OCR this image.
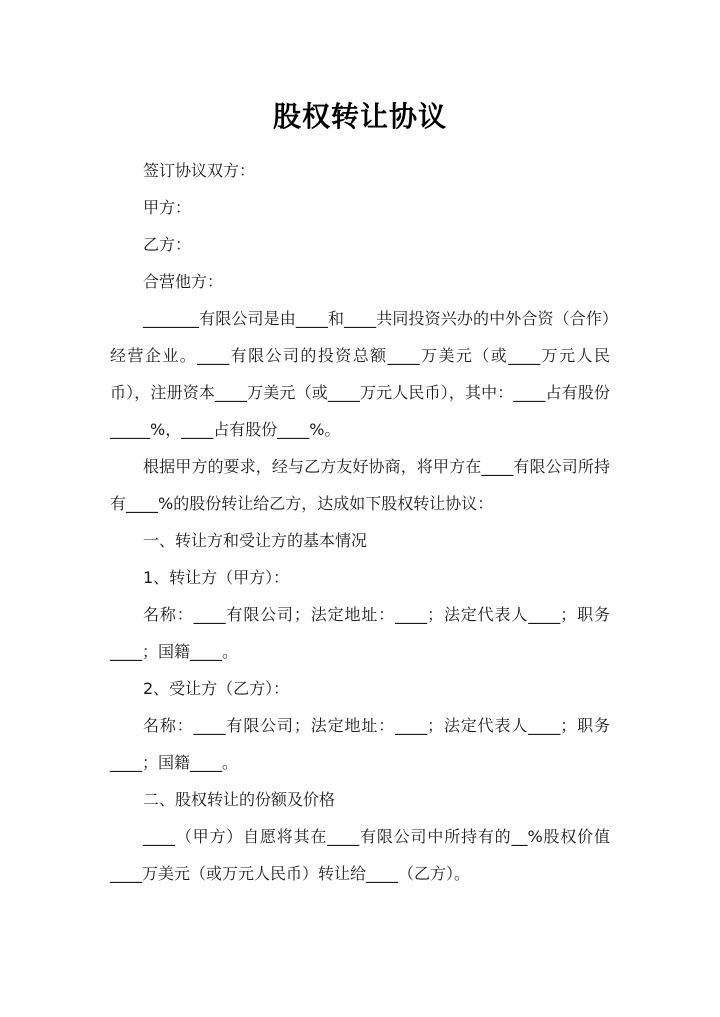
股权转让协议

签订协议双方：

甲方：

乙方：

合营他方：

_______有限公司是由____和____共同投资兴办的中外合资（合作）经营企业。____有限公司的投资总额____万美元（或____万元人民币），注册资本____万美元（或____万元人民币），其中：____占有股份_____%，____占有股份____%。

根据甲方的要求，经与乙方友好协商，将甲方在____有限公司所持有____%的股份转让给乙方，达成如下股权转让协议：

一、转让方和受让方的基本情况

1、转让方（甲方）：

名称：____有限公司；法定地址：____；法定代表人____；职务____；国籍____。

2、受让方（乙方）：

名称：____有限公司；法定地址：____；法定代表人____；职务____；国籍____。

二、股权转让的份额及价格

____（甲方）自愿将其在____有限公司中所持有的__%股权价值____万美元（或万元人民币）转让给____（乙方）。
